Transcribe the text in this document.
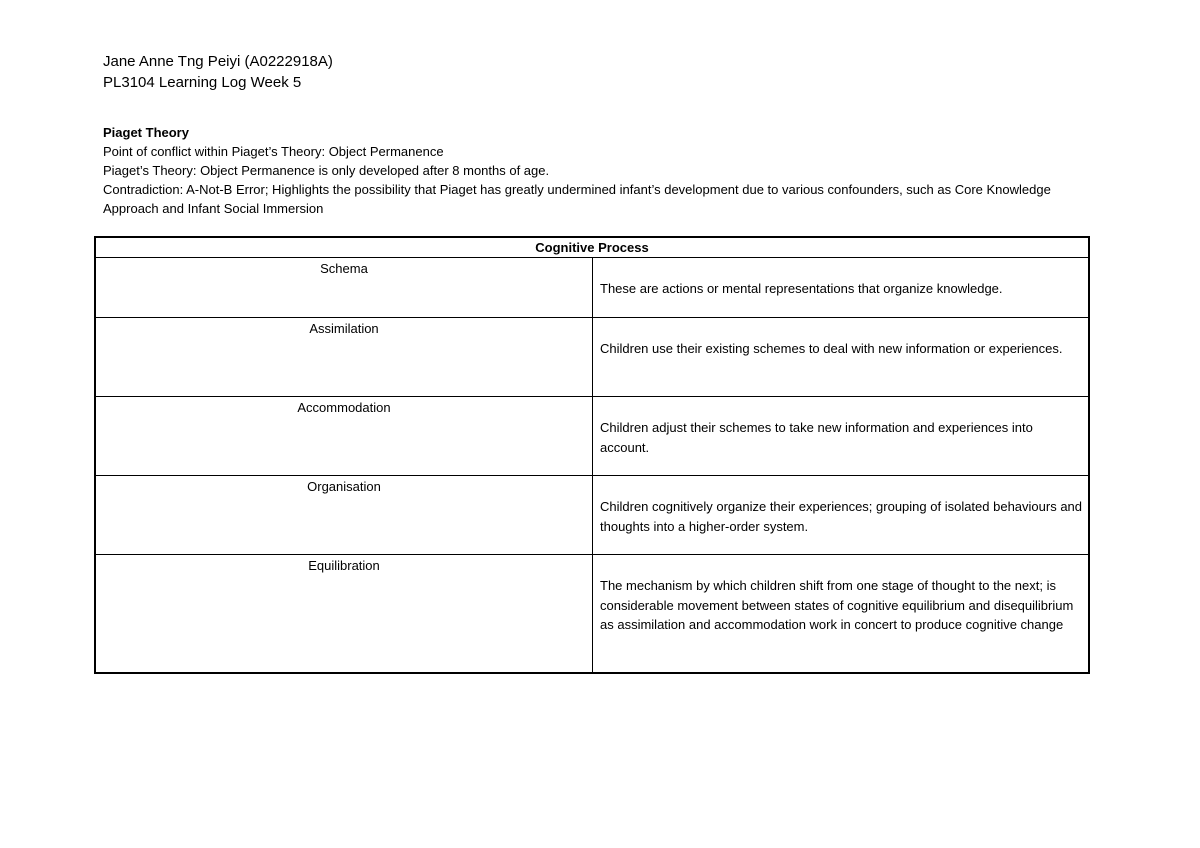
Jane Anne Tng Peiyi (A0222918A)
PL3104 Learning Log Week 5
Piaget Theory
Point of conflict within Piaget’s Theory: Object Permanence
Piaget’s Theory: Object Permanence is only developed after 8 months of age.
Contradiction: A-Not-B Error; Highlights the possibility that Piaget has greatly undermined infant’s development due to various confounders, such as Core Knowledge Approach and Infant Social Immersion
Cognitive Process	

Schema	These are actions or mental representations that organize knowledge.

Assimilation	Children use their existing schemes to deal with new information or experiences.

Accommodation	Children adjust their schemes to take new information and experiences into account.

Organisation	Children cognitively organize their experiences; grouping of isolated behaviours and thoughts into a higher-order system.

Equilibration	The mechanism by which children shift from one stage of thought to the next; is considerable movement between states of cognitive equilibrium and disequilibrium as assimilation and accommodation work in concert to produce cognitive change
